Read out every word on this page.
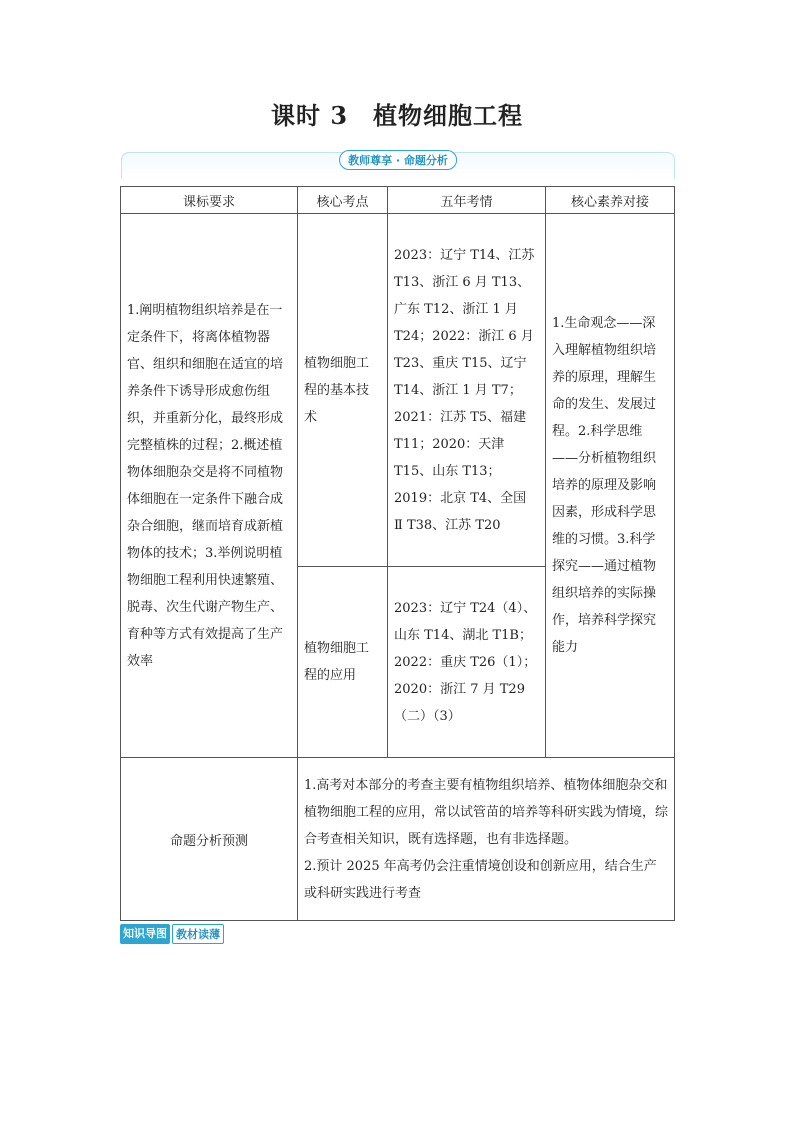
课时 3　植物细胞工程
教师尊享 · 命题分析
课标要求	核心考点	五年考情	核心素养对接

1.阐明植物组织培养是在一定条件下，将离体植物器官、组织和细胞在适宜的培养条件下诱导形成愈伤组织，并重新分化，最终形成完整植株的过程；2.概述植物体细胞杂交是将不同植物体细胞在一定条件下融合成杂合细胞，继而培育成新植物体的技术；3.举例说明植物细胞工程利用快速繁殖、脱毒、次生代谢产物生产、育种等方式有效提高了生产效率	植物细胞工程的基本技术	2023：辽宁 T14、江苏 T13、浙江 6 月 T13、广东 T12、浙江 1 月 T24；2022：浙江 6 月 T23、重庆 T15、辽宁 T14、浙江 1 月 T7；2021：江苏 T5、福建 T11；2020：天津 T15、山东 T13；2019：北京 T4、全国 Ⅱ T38、江苏 T20	1.生命观念——深入理解植物组织培养的原理，理解生命的发生、发展过程。2.科学思维——分析植物组织培养的原理及影响因素，形成科学思维的习惯。3.科学探究——通过植物组织培养的实际操作，培养科学探究能力

	植物细胞工程的应用	2023：辽宁 T24（4）、山东 T14、湖北 T1B；2022：重庆 T26（1）；2020：浙江 7 月 T29（二）（3）	

命题分析预测	1.高考对本部分的考查主要有植物组织培养、植物体细胞杂交和植物细胞工程的应用，常以试管苗的培养等科研实践为情境，综合考查相关知识，既有选择题，也有非选择题。
2.预计 2025 年高考仍会注重情境创设和创新应用，结合生产或科研实践进行考查		
知识导图 教材读薄
